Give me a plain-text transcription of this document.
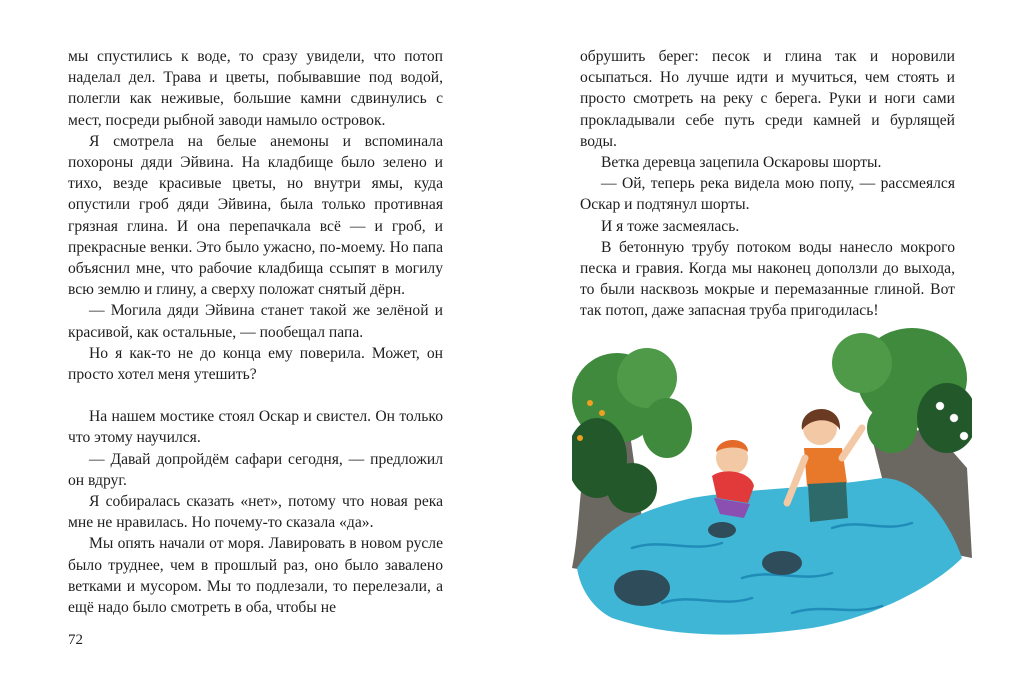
мы спустились к воде, то сразу увидели, что потоп наделал дел. Трава и цветы, побывавшие под водой, полегли как неживые, большие камни сдвинулись с мест, посреди рыбной заводи намыло островок.

Я смотрела на белые анемоны и вспоминала похороны дяди Эйвина. На кладбище было зелено и тихо, везде красивые цветы, но внутри ямы, куда опустили гроб дяди Эйвина, была только противная грязная глина. И она перепачкала всё — и гроб, и прекрасные венки. Это было ужасно, по-моему. Но папа объяснил мне, что рабочие кладбища ссыпят в могилу всю землю и глину, а сверху положат снятый дёрн.

— Могила дяди Эйвина станет такой же зелёной и красивой, как остальные, — пообещал папа.

Но я как-то не до конца ему поверила. Может, он просто хотел меня утешить?

На нашем мостике стоял Оскар и свистел. Он только что этому научился.

— Давай допройдём сафари сегодня, — предложил он вдруг.

Я собиралась сказать «нет», потому что новая река мне не нравилась. Но почему-то сказала «да».

Мы опять начали от моря. Лавировать в новом русле было труднее, чем в прошлый раз, оно было завалено ветками и мусором. Мы то подлезали, то перелезали, а ещё надо было смотреть в оба, чтобы не

72

обрушить берег: песок и глина так и норовили осыпаться. Но лучше идти и мучиться, чем стоять и просто смотреть на реку с берега. Руки и ноги сами прокладывали себе путь среди камней и бурлящей воды.

Ветка деревца зацепила Оскаровы шорты.

— Ой, теперь река видела мою попу, — рассмеялся Оскар и подтянул шорты.

И я тоже засмеялась.

В бетонную трубу потоком воды нанесло мокрого песка и гравия. Когда мы наконец доползли до выхода, то были насквозь мокрые и перемазанные глиной. Вот так потоп, даже запасная труба пригодилась!
